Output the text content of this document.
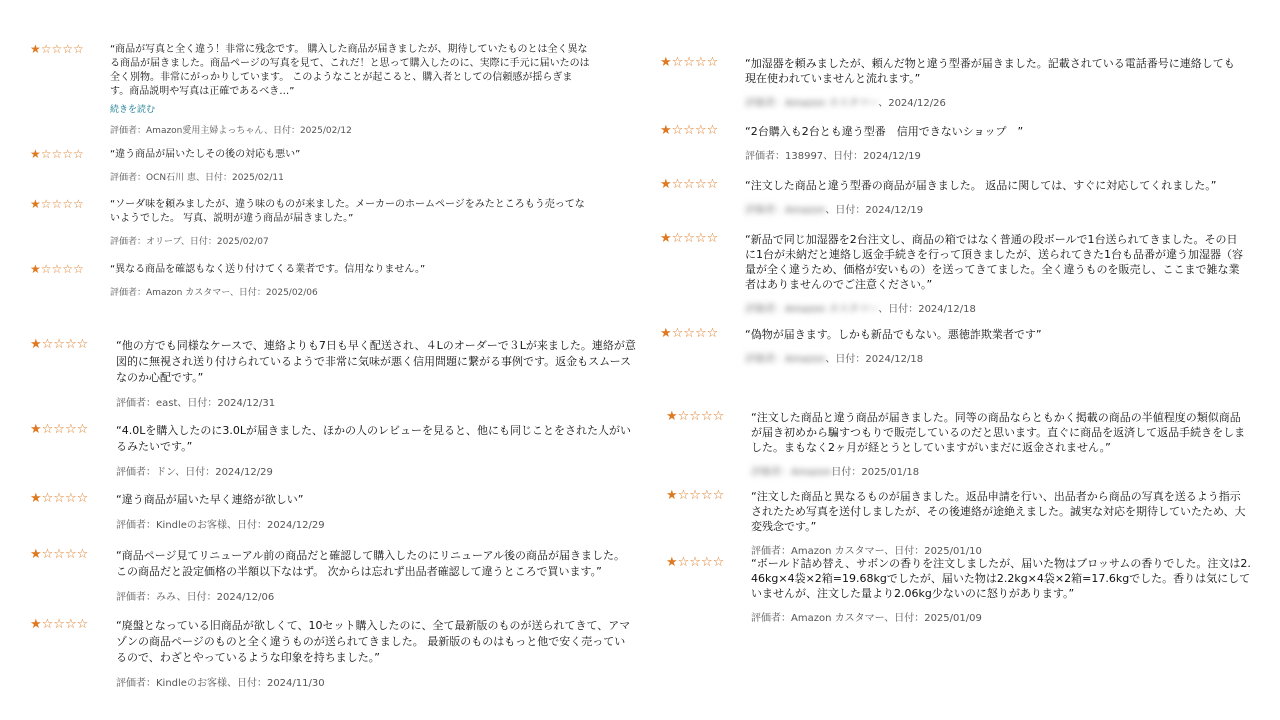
★☆☆☆☆	“商品が写真と全く違う！非常に残念です。 購入した商品が届きましたが、期待していたものとは全く異なる商品が届きました。商品ページの写真を見て、これだ！と思って購入したのに、実際に手元に届いたのは全く別物。非常にがっかりしています。 このようなことが起こると、購入者としての信頼感が揺らぎます。商品説明や写真は正確であるべき…”

続きを読む
評価者：Amazon愛用主婦よっちゃん、日付：2025/02/12
★☆☆☆☆	“違う商品が届いたしその後の対応も悪い”

評価者：OCN石川 恵、日付：2025/02/11
★☆☆☆☆	“ソーダ味を頼みましたが、違う味のものが来ました。メーカーのホームページをみたところもう売ってないようでした。 写真、説明が違う商品が届きました。”

評価者：オリーブ、日付：2025/02/07
★☆☆☆☆	“異なる商品を確認もなく送り付けてくる業者です。信用なりません。”

評価者：Amazon カスタマー、日付：2025/02/06
★☆☆☆☆	“他の方でも同様なケースで、連絡よりも7日も早く配送され、４Lのオーダーで３Lが来ました。連絡が意図的に無視され送り付けられているようで非常に気味が悪く信用問題に繋がる事例です。返金もスムースなのか心配です。”

評価者：east、日付：2024/12/31
★☆☆☆☆	“4.0Lを購入したのに3.0Lが届きました、ほかの人のレビューを見ると、他にも同じことをされた人がいるみたいです。”

評価者：ドン、日付：2024/12/29
★☆☆☆☆	“違う商品が届いた早く連絡が欲しい”

評価者：Kindleのお客様、日付：2024/12/29
★☆☆☆☆	“商品ページ見てリニューアル前の商品だと確認して購入したのにリニューアル後の商品が届きました。 この商品だと設定価格の半額以下なはず。 次からは忘れず出品者確認して違うところで買います。”

評価者：みみ、日付：2024/12/06
★☆☆☆☆	“廃盤となっている旧商品が欲しくて、10セット購入したのに、全て最新版のものが送られてきて、アマゾンの商品ページのものと全く違うものが送られてきました。 最新版のものはもっと他で安く売っているので、わざとやっているような印象を持ちました。”

評価者：Kindleのお客様、日付：2024/11/30
★☆☆☆☆ “加湿器を頼みましたが、頼んだ物と違う型番が届きました。記載されている電話番号に連絡しても現在使われていませんと流れます。”

評価者：Amazon カスタマー、2024/12/26
★☆☆☆☆ “2台購入も2台とも違う型番　信用できないショップ　”

評価者：138997、日付：2024/12/19
★☆☆☆☆ “注文した商品と違う型番の商品が届きました。 返品に関しては、すぐに対応してくれました。”

評価者：Amazon、日付：2024/12/19
★☆☆☆☆ “新品で同じ加湿器を2台注文し、商品の箱ではなく普通の段ボールで1台送られてきました。その日に1台が未納だと連絡し返金手続きを行って頂きましたが、送られてきた1台も品番が違う加湿器（容量が全く違うため、価格が安いもの）を送ってきてました。全く違うものを販売し、ここまで雑な業者はありませんのでご注意ください。”

評価者：Amazon カスタマー、日付：2024/12/18
★☆☆☆☆ “偽物が届きます。しかも新品でもない。悪徳詐欺業者です”

評価者：Amazon、日付：2024/12/18
★☆☆☆☆ “注文した商品と違う商品が届きました。同等の商品ならともかく掲載の商品の半値程度の類似商品が届き初めから騙すつもりで販売しているのだと思います。直ぐに商品を返済して返品手続きをしました。まもなく2ヶ月が経とうとしていますがいまだに返金されません。”

評価者：Amazon日付：2025/01/18
★☆☆☆☆ “注文した商品と異なるものが届きました。返品申請を行い、出品者から商品の写真を送るよう指示されたため写真を送付しましたが、その後連絡が途絶えました。誠実な対応を期待していたため、大変残念です。”

評価者：Amazon カスタマー、日付：2025/01/10
★☆☆☆☆ “ボールド詰め替え、サボンの香りを注文しましたが、届いた物はブロッサムの香りでした。注文は2.46kg×4袋×2箱=19.68kgでしたが、届いた物は2.2kg×4袋×2箱=17.6kgでした。香りは気にしていませんが、注文した量より2.06kg少ないのに怒りがあります。”

評価者：Amazon カスタマー、日付：2025/01/09
